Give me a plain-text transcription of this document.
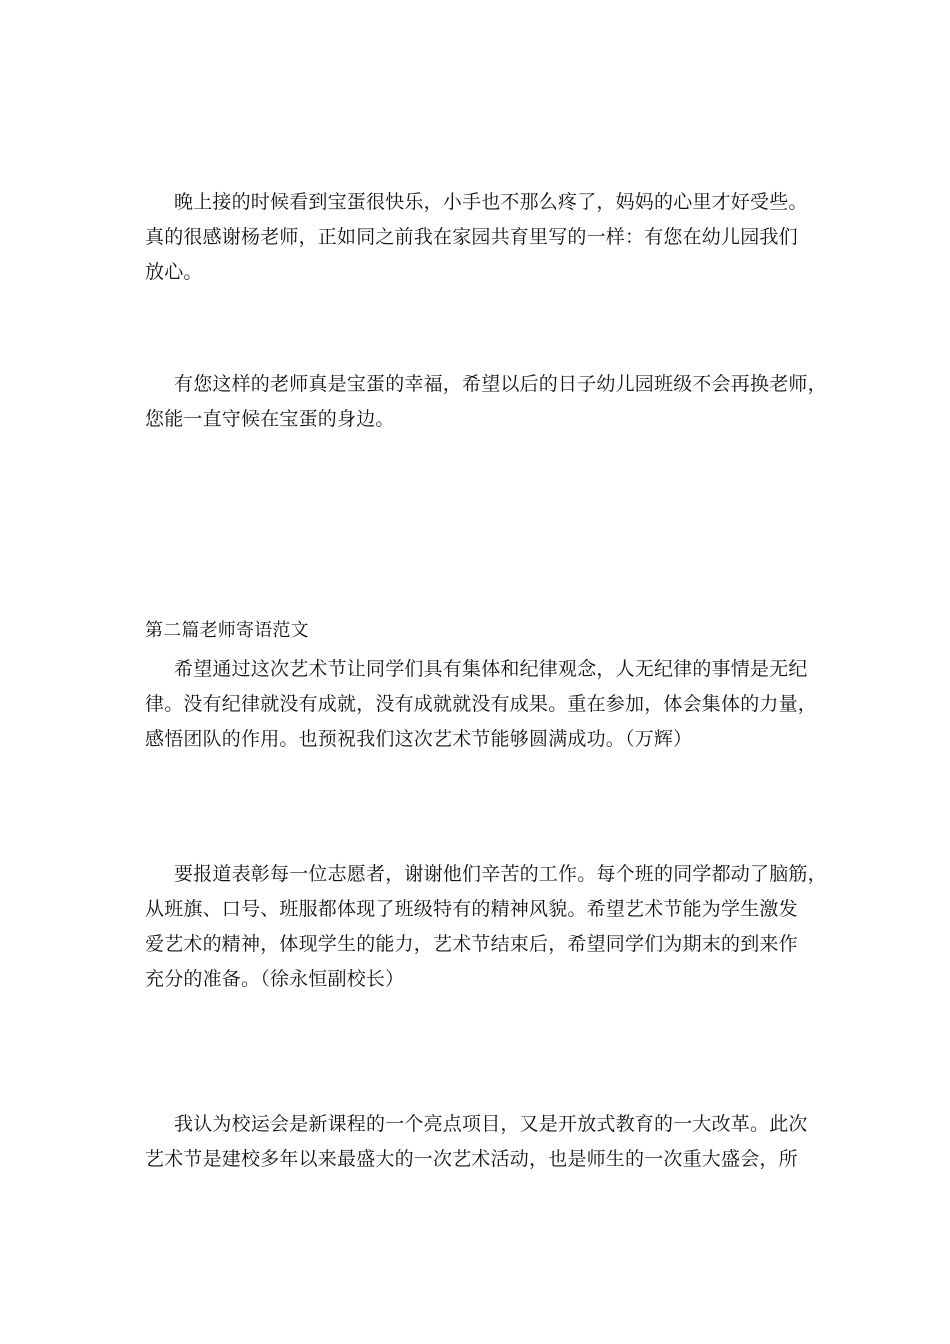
晚上接的时候看到宝蛋很快乐，小手也不那么疼了，妈妈的心里才好受些。
真的很感谢杨老师，正如同之前我在家园共育里写的一样：有您在幼儿园我们
放心。

有您这样的老师真是宝蛋的幸福，希望以后的日子幼儿园班级不会再换老师，
您能一直守候在宝蛋的身边。

第二篇老师寄语范文

希望通过这次艺术节让同学们具有集体和纪律观念，人无纪律的事情是无纪
律。没有纪律就没有成就，没有成就就没有成果。重在参加，体会集体的力量，
感悟团队的作用。也预祝我们这次艺术节能够圆满成功。（万辉）

要报道表彰每一位志愿者，谢谢他们辛苦的工作。每个班的同学都动了脑筋，
从班旗、口号、班服都体现了班级特有的精神风貌。希望艺术节能为学生激发
爱艺术的精神，体现学生的能力，艺术节结束后，希望同学们为期末的到来作
充分的准备。（徐永恒副校长）

我认为校运会是新课程的一个亮点项目，又是开放式教育的一大改革。此次
艺术节是建校多年以来最盛大的一次艺术活动，也是师生的一次重大盛会，所
